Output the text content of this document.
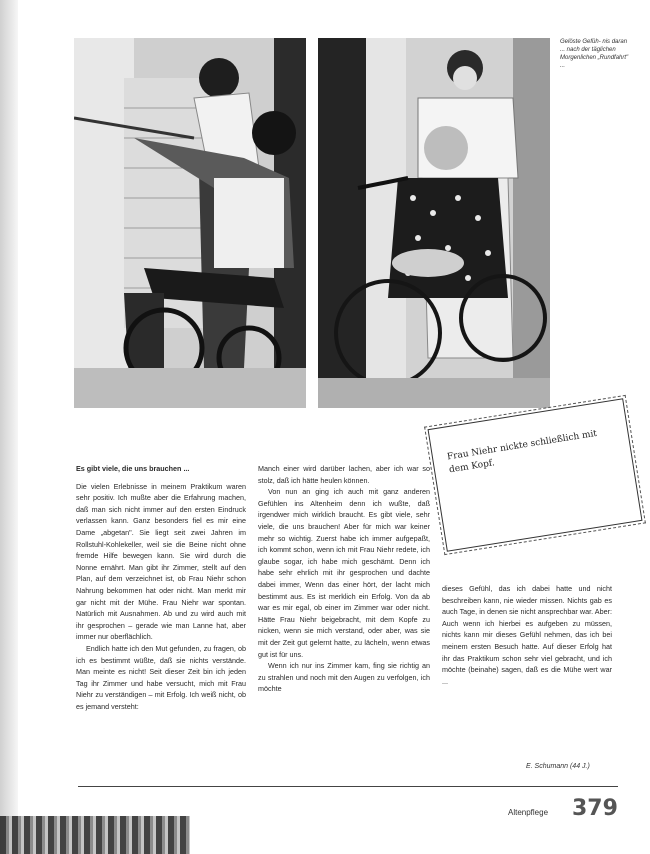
Gelöste Gefüh- nis daran ... nach der täglichen Morgenlichen „Rundfahrt" ...
Frau Niehr nickte schließlich mit dem Kopf.

Es gibt viele, die uns brauchen ...

Die vielen Erlebnisse in meinem Praktikum waren sehr positiv. Ich mußte aber die Erfahrung machen, daß man sich nicht immer auf den ersten Eindruck verlassen kann. Ganz besonders fiel es mir eine Dame „abgetan". Sie liegt seit zwei Jahren im Rollstuhl-Kohlekeller, weil sie die Beine nicht ohne fremde Hilfe bewegen kann. Sie wird durch die Nonne ernährt. Man gibt ihr Zimmer, stellt auf den Plan, auf dem verzeichnet ist, ob Frau Niehr schon Nahrung bekommen hat oder nicht. Man merkt mir gar nicht mit der Mühe. Frau Niehr war spontan. Natürlich mit Ausnahmen. Ab und zu wird auch mit ihr gesprochen – gerade wie man Lanne hat, aber immer nur oberflächlich.

Endlich hatte ich den Mut gefunden, zu fragen, ob ich es bestimmt wüßte, daß sie nichts verstände. Man meinte es nicht! Seit dieser Zeit bin ich jeden Tag ihr Zimmer und habe versucht, mich mit Frau Niehr zu verständigen – mit Erfolg. Ich weiß nicht, ob es jemand versteht:

Manch einer wird darüber lachen, aber ich war so stolz, daß ich hätte heulen können.

Von nun an ging ich auch mit ganz anderen Gefühlen ins Altenheim denn ich wußte, daß irgendwer mich wirklich braucht. Es gibt viele, sehr viele, die uns brauchen! Aber für mich war keiner mehr so wichtig. Zuerst habe ich immer aufgepaßt, ich kommt schon, wenn ich mit Frau Niehr redete, ich glaube sogar, ich habe mich geschämt. Denn ich habe sehr ehrlich mit ihr gesprochen und dachte dabei immer, Wenn das einer hört, der lacht mich bestimmt aus. Es ist merklich ein Erfolg. Von da ab war es mir egal, ob einer im Zimmer war oder nicht. Hätte Frau Niehr beigebracht, mit dem Kopfe zu nicken, wenn sie mich verstand, oder aber, was sie mit der Zeit gut gelernt hatte, zu lächeln, wenn etwas gut ist für uns.

Wenn ich nur ins Zimmer kam, fing sie richtig an zu strahlen und noch mit den Augen zu verfolgen, ich möchte

dieses Gefühl, das ich dabei hatte und nicht beschreiben kann, nie wieder missen. Nichts gab es auch Tage, in denen sie nicht ansprechbar war. Aber: Auch wenn ich hierbei es aufgeben zu müssen, nichts kann mir dieses Gefühl nehmen, das ich bei meinem ersten Besuch hatte. Auf dieser Erfolg hat ihr das Praktikum schon sehr viel gebracht, und ich möchte (beinahe) sagen, daß es die Mühe wert war ...

E. Schumann (44 J.)
Altenpflege 379
